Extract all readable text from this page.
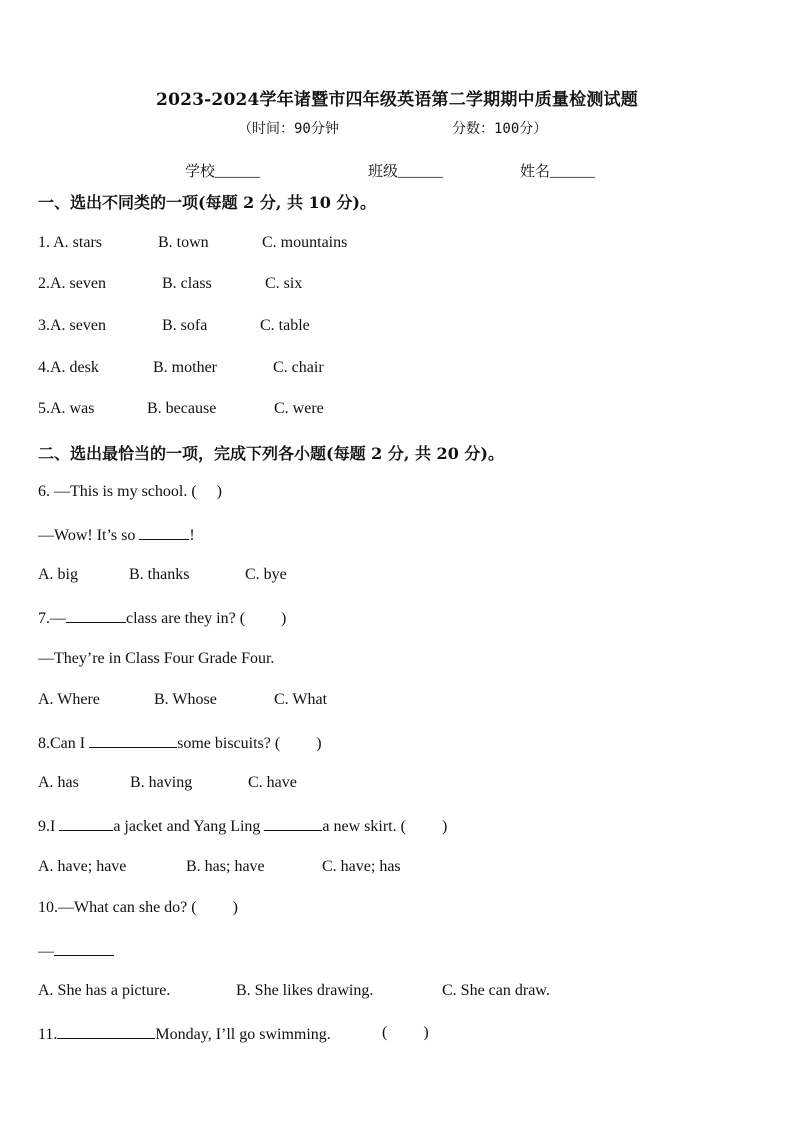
2023-2024学年诸暨市四年级英语第二学期期中质量检测试题
（时间：90分钟	分数：100分）
学校______	班级______	姓名______
一、选出不同类的一项(每题 2 分, 共 10 分)。
1. A. stars	B. town	C. mountains
2.A. seven	B. class	C. six
3.A. seven	B. sofa	C. table
4.A. desk	B. mother	C. chair
5.A. was	B. because	C. were
二、选出最恰当的一项，完成下列各小题(每题 2 分, 共 20 分)。
6. —This is my school. (  )
—Wow! It’s so	!
A. big	B. thanks	C. bye
7.—	class are they in? (   )
—They’re in Class Four Grade Four.
A. Where	B. Whose	C. What
8.Can I	some biscuits? (   )
A. has	B. having	C. have
9.I	a jacket and Yang Ling	a new skirt. (   )
A. have; have	B. has; have	C. have; has
10.—What can she do? (   )
—
A. She has a picture.	B. She likes drawing.	C. She can draw.
11.	Monday, I’ll go swimming.	(   )
